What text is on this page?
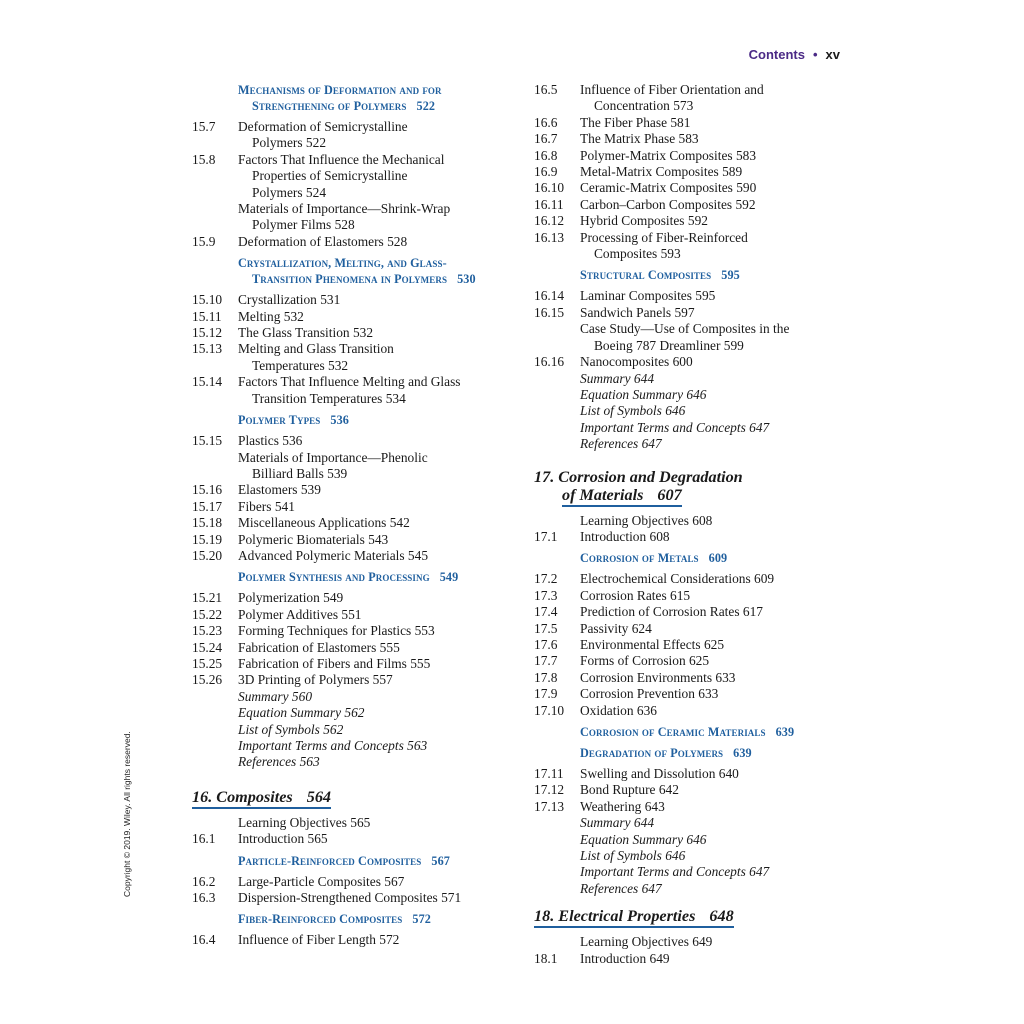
Contents • xv
Copyright © 2019. Wiley. All rights reserved.
Mechanisms of Deformation and for
Strengthening of Polymers 522
15.7	Deformation of Semicrystalline
Polymers 522
15.8	Factors That Influence the Mechanical
Properties of Semicrystalline
Polymers 524
Materials of Importance—Shrink-Wrap
Polymer Films 528
15.9	Deformation of Elastomers 528
Crystallization, Melting, and Glass-
Transition Phenomena in Polymers 530
15.10	Crystallization 531
15.11	Melting 532
15.12	The Glass Transition 532
15.13	Melting and Glass Transition
Temperatures 532
15.14	Factors That Influence Melting and Glass
Transition Temperatures 534
Polymer Types 536
15.15	Plastics 536
Materials of Importance—Phenolic
Billiard Balls 539
15.16	Elastomers 539
15.17	Fibers 541
15.18	Miscellaneous Applications 542
15.19	Polymeric Biomaterials 543
15.20	Advanced Polymeric Materials 545
Polymer Synthesis and Processing 549
15.21	Polymerization 549
15.22	Polymer Additives 551
15.23	Forming Techniques for Plastics 553
15.24	Fabrication of Elastomers 555
15.25	Fabrication of Fibers and Films 555
15.26	3D Printing of Polymers 557
Summary 560
Equation Summary 562
List of Symbols 562
Important Terms and Concepts 563
References 563
16. Composites 564
Learning Objectives 565
16.1	Introduction 565
Particle-Reinforced Composites 567
16.2	Large-Particle Composites 567
16.3	Dispersion-Strengthened Composites 571
Fiber-Reinforced Composites 572
16.4	Influence of Fiber Length 572
16.5	Influence of Fiber Orientation and
Concentration 573
16.6	The Fiber Phase 581
16.7	The Matrix Phase 583
16.8	Polymer-Matrix Composites 583
16.9	Metal-Matrix Composites 589
16.10	Ceramic-Matrix Composites 590
16.11	Carbon–Carbon Composites 592
16.12	Hybrid Composites 592
16.13	Processing of Fiber-Reinforced
Composites 593
Structural Composites 595
16.14	Laminar Composites 595
16.15	Sandwich Panels 597
Case Study—Use of Composites in the
Boeing 787 Dreamliner 599
16.16	Nanocomposites 600
Summary 644
Equation Summary 646
List of Symbols 646
Important Terms and Concepts 647
References 647
17. Corrosion and Degradation
of Materials 607
Learning Objectives 608
17.1	Introduction 608
Corrosion of Metals 609
17.2	Electrochemical Considerations 609
17.3	Corrosion Rates 615
17.4	Prediction of Corrosion Rates 617
17.5	Passivity 624
17.6	Environmental Effects 625
17.7	Forms of Corrosion 625
17.8	Corrosion Environments 633
17.9	Corrosion Prevention 633
17.10	Oxidation 636
Corrosion of Ceramic Materials 639
Degradation of Polymers 639
17.11	Swelling and Dissolution 640
17.12	Bond Rupture 642
17.13	Weathering 643
Summary 644
Equation Summary 646
List of Symbols 646
Important Terms and Concepts 647
References 647
18. Electrical Properties 648
Learning Objectives 649
18.1	Introduction 649
